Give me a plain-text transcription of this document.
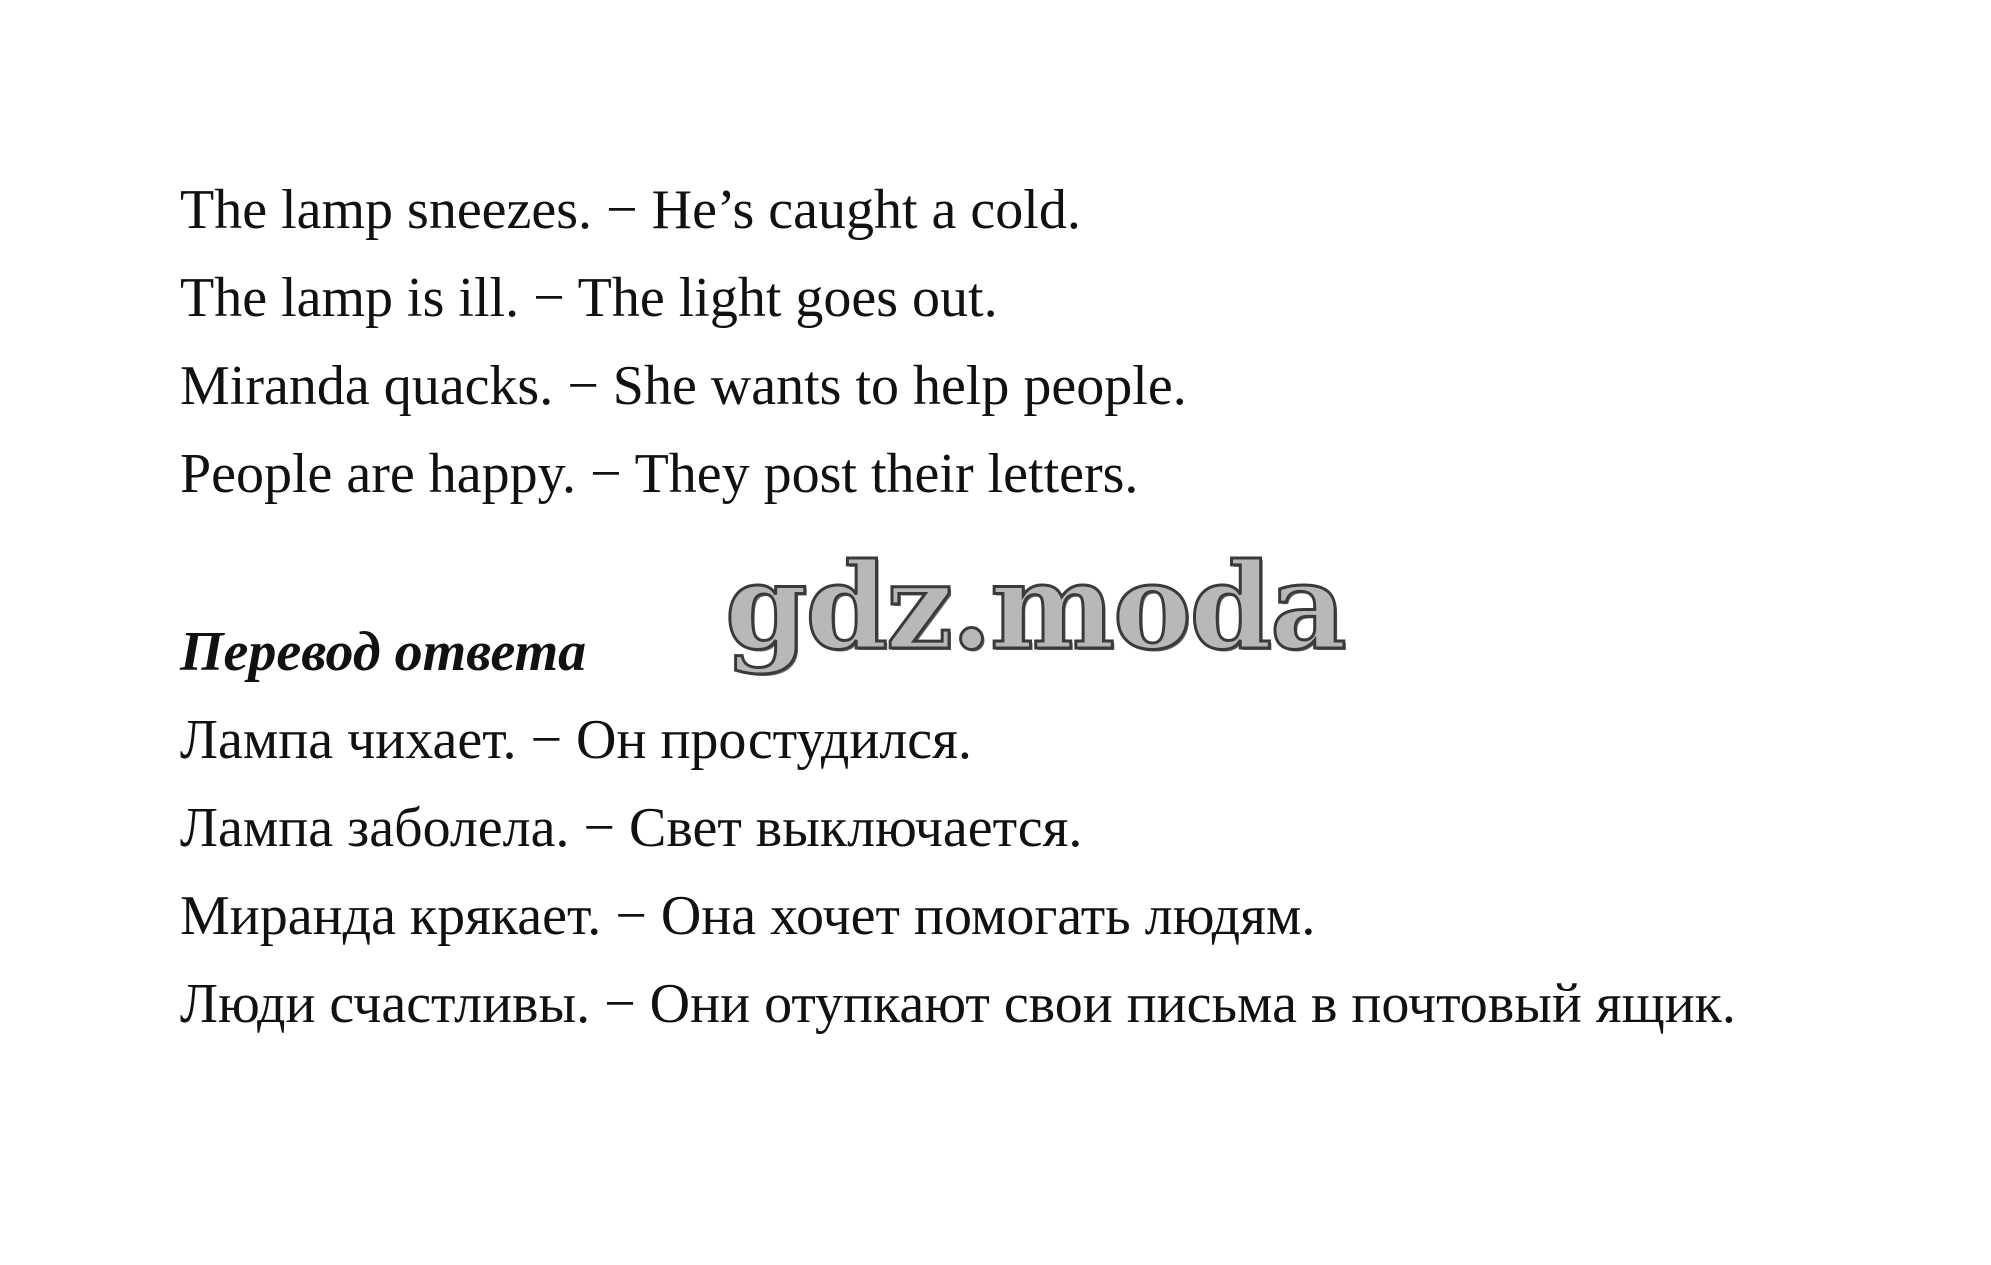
The lamp sneezes. − He’s caught a cold.
The lamp is ill. − The light goes out.
Miranda quacks. − She wants to help people.
People are happy. − They post their letters.
gdz.moda
Перевод ответа
Лампа чихает. − Он простудился.
Лампа заболела. − Свет выключается.
Миранда крякает. − Она хочет помогать людям.
Люди счастливы. − Они отупкают свои письма в почтовый ящик.
